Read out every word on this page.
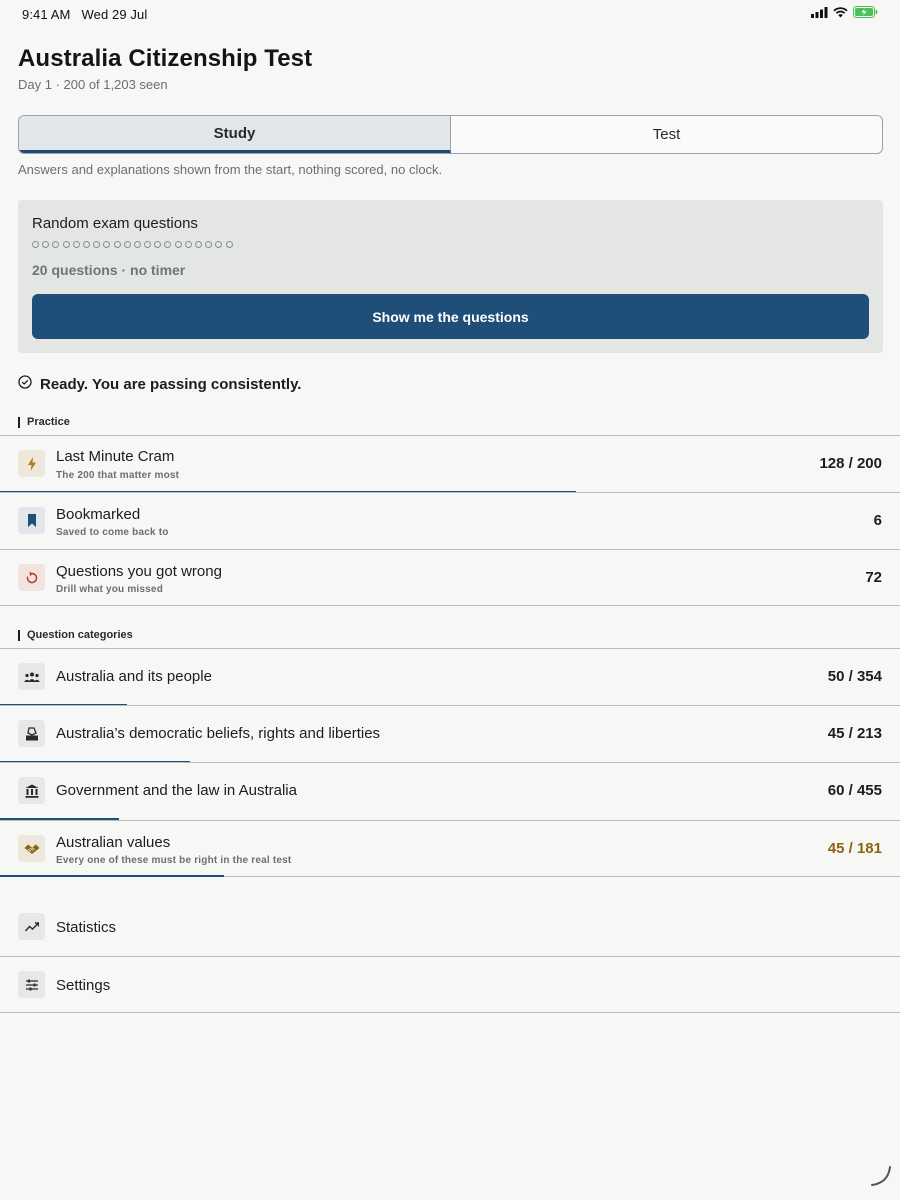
9:41 AM Wed 29 Jul
Australia Citizenship Test
Day 1 · 200 of 1,203 seen
Study	Test
Answers and explanations shown from the start, nothing scored, no clock.
Random exam questions
20 questions · no timer
Show me the questions
Ready. You are passing consistently.
Practice
Last Minute Cram
The 200 that matter most
128 / 200
Bookmarked
Saved to come back to
6
Questions you got wrong
Drill what you missed
72
Question categories
Australia and its people	50 / 354
Australia’s democratic beliefs, rights and liberties	45 / 213
Government and the law in Australia	60 / 455
Australian values
Every one of these must be right in the real test
45 / 181
Statistics
Settings
